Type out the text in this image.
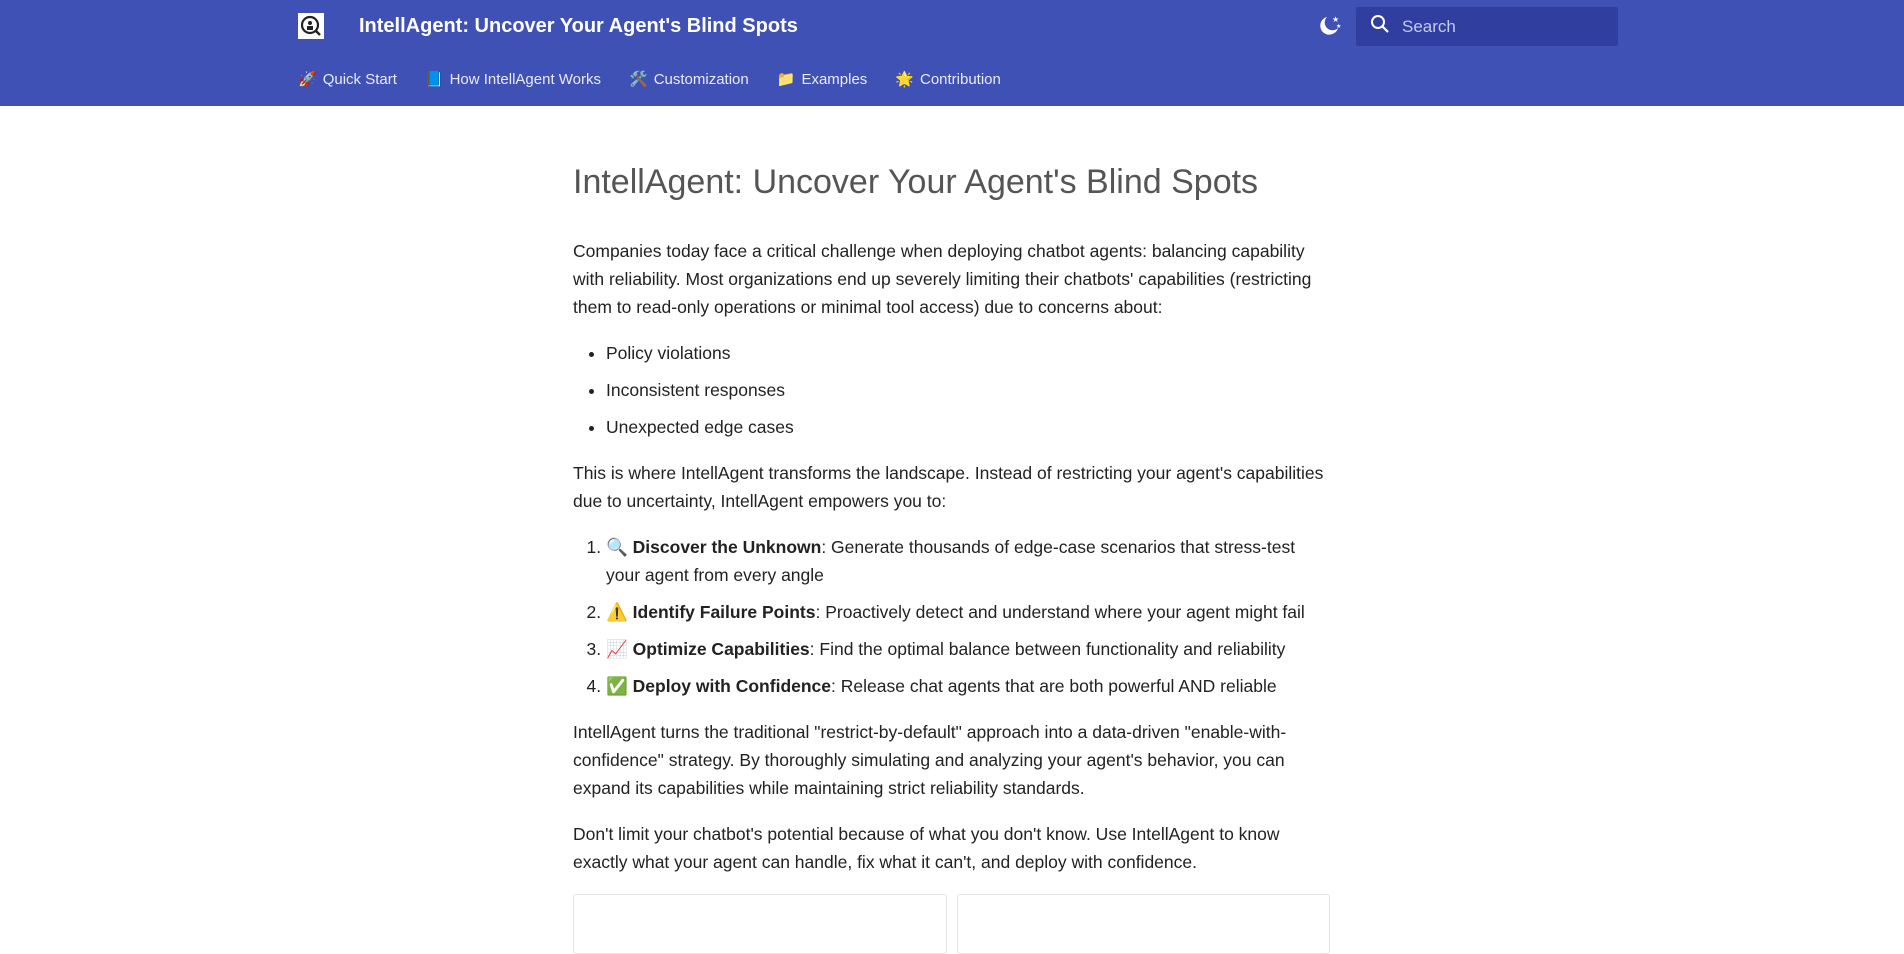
IntellAgent: Uncover Your Agent's Blind Spots	★
★
Search
🚀 Quick Start 📘 How IntellAgent Works 🛠️ Customization 📁 Examples 🌟 Contribution
IntellAgent: Uncover Your Agent's Blind Spots

Companies today face a critical challenge when deploying chatbot agents: balancing capability with reliability. Most organizations end up severely limiting their chatbots' capabilities (restricting them to read-only operations or minimal tool access) due to concerns about:

• Policy violations
• Inconsistent responses
• Unexpected edge cases

This is where IntellAgent transforms the landscape. Instead of restricting your agent's capabilities due to uncertainty, IntellAgent empowers you to:

1. 🔍 Discover the Unknown: Generate thousands of edge-case scenarios that stress-test your agent from every angle
2. ⚠️ Identify Failure Points: Proactively detect and understand where your agent might fail
3. 📈 Optimize Capabilities: Find the optimal balance between functionality and reliability
4. ✅ Deploy with Confidence: Release chat agents that are both powerful AND reliable

IntellAgent turns the traditional "restrict-by-default" approach into a data-driven "enable-with-confidence" strategy. By thoroughly simulating and analyzing your agent's behavior, you can expand its capabilities while maintaining strict reliability standards.

Don't limit your chatbot's potential because of what you don't know. Use IntellAgent to know exactly what your agent can handle, fix what it can't, and deploy with confidence.
